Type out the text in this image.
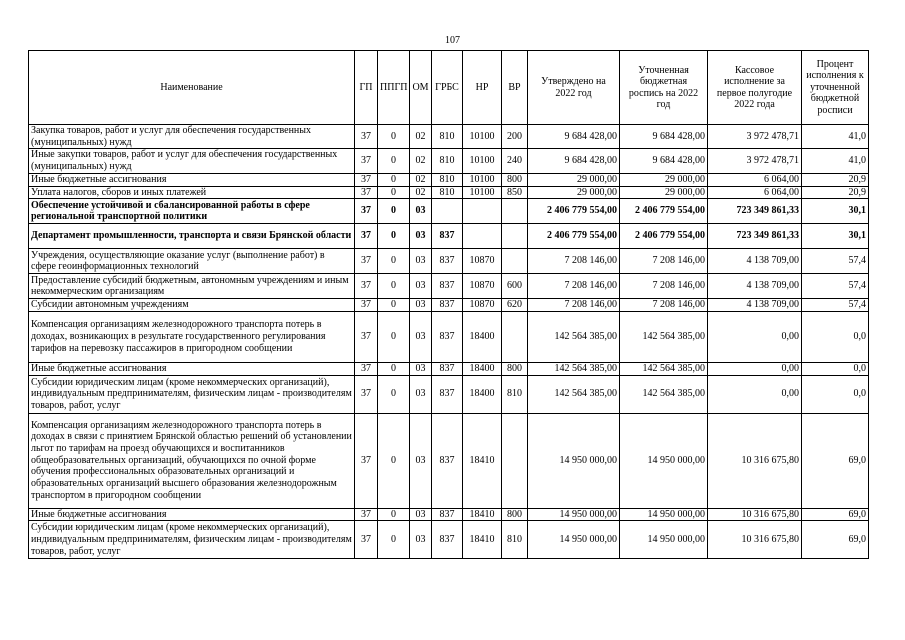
107
Наименование	ГП	ППГП	ОМ	ГРБС	НР	ВР	Утверждено на 2022 год	Уточненная бюджетная роспись на 2022 год	Кассовое исполнение за первое полугодие 2022 года	Процент исполнения к уточненной бюджетной росписи
Закупка товаров, работ и услуг для обеспечения государственных (муниципальных) нужд	37	0	02	810	10100	200	9 684 428,00	9 684 428,00	3 972 478,71	41,0
Иные закупки товаров, работ и услуг для обеспечения государственных (муниципальных) нужд	37	0	02	810	10100	240	9 684 428,00	9 684 428,00	3 972 478,71	41,0
Иные бюджетные ассигнования	37	0	02	810	10100	800	29 000,00	29 000,00	6 064,00	20,9
Уплата налогов, сборов и иных платежей	37	0	02	810	10100	850	29 000,00	29 000,00	6 064,00	20,9
Обеспечение устойчивой и сбалансированной работы в сфере региональной транспортной политики	37	0	03				2 406 779 554,00	2 406 779 554,00	723 349 861,33	30,1
Департамент промышленности, транспорта и связи Брянской области	37	0	03	837			2 406 779 554,00	2 406 779 554,00	723 349 861,33	30,1
Учреждения, осуществляющие оказание услуг (выполнение работ) в сфере геоинформационных технологий	37	0	03	837	10870		7 208 146,00	7 208 146,00	4 138 709,00	57,4
Предоставление субсидий бюджетным, автономным учреждениям и иным некоммерческим организациям	37	0	03	837	10870	600	7 208 146,00	7 208 146,00	4 138 709,00	57,4
Субсидии автономным учреждениям	37	0	03	837	10870	620	7 208 146,00	7 208 146,00	4 138 709,00	57,4
Компенсация организациям железнодорожного транспорта потерь в доходах, возникающих в результате государственного регулирования тарифов на перевозку пассажиров в пригородном сообщении	37	0	03	837	18400		142 564 385,00	142 564 385,00	0,00	0,0
Иные бюджетные ассигнования	37	0	03	837	18400	800	142 564 385,00	142 564 385,00	0,00	0,0
Субсидии юридическим лицам (кроме некоммерческих организаций), индивидуальным предпринимателям, физическим лицам - производителям товаров, работ, услуг	37	0	03	837	18400	810	142 564 385,00	142 564 385,00	0,00	0,0
Компенсация организациям железнодорожного транспорта потерь в доходах в связи с принятием Брянской областью решений об установлении льгот по тарифам на проезд обучающихся и воспитанников общеобразовательных организаций, обучающихся по очной форме обучения профессиональных образовательных организаций и образовательных организаций высшего образования железнодорожным транспортом в пригородном сообщении	37	0	03	837	18410		14 950 000,00	14 950 000,00	10 316 675,80	69,0
Иные бюджетные ассигнования	37	0	03	837	18410	800	14 950 000,00	14 950 000,00	10 316 675,80	69,0
Субсидии юридическим лицам (кроме некоммерческих организаций), индивидуальным предпринимателям, физическим лицам - производителям товаров, работ, услуг	37	0	03	837	18410	810	14 950 000,00	14 950 000,00	10 316 675,80	69,0
